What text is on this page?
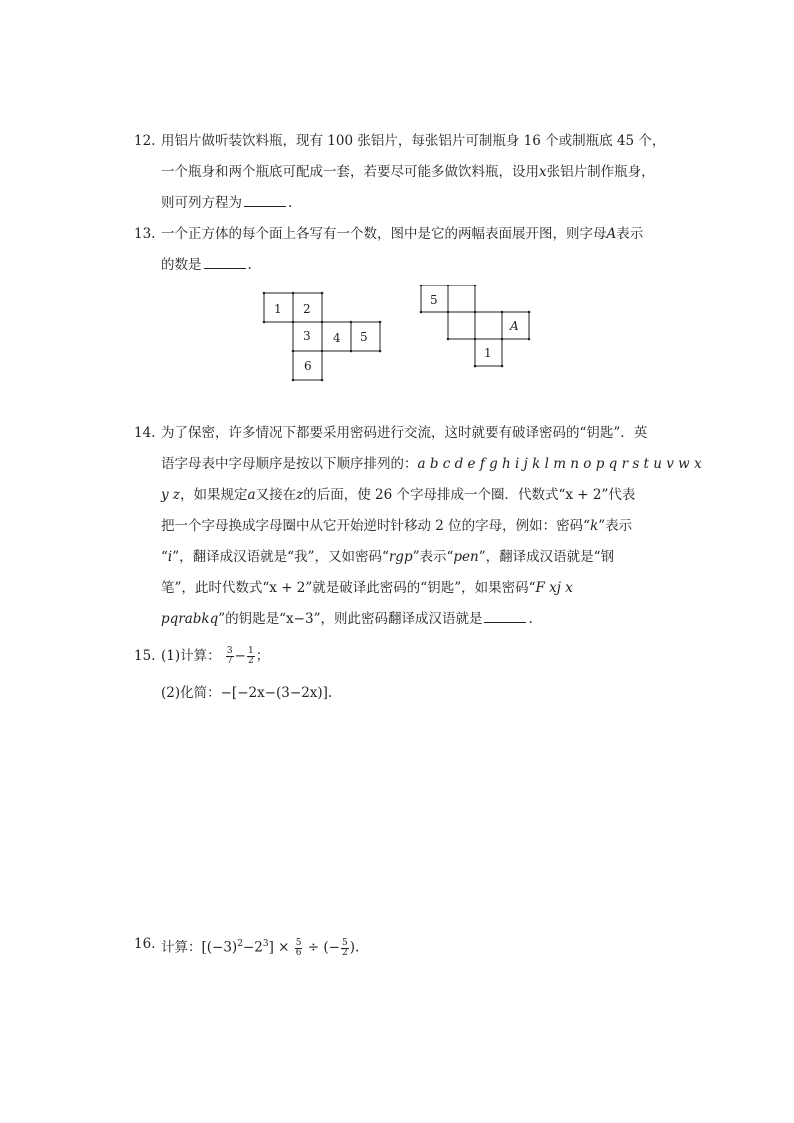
12. 用铝片做听装饮料瓶，现有 100 张铝片，每张铝片可制瓶身 16 个或制瓶底 45 个，
一个瓶身和两个瓶底可配成一套，若要尽可能多做饮料瓶，设用x张铝片制作瓶身，
则可列方程为	.
13. 一个正方体的每个面上各写有一个数，图中是它的两幅表面展开图，则字母A表示
的数是	.
1 2
3 4 5
6
5
A
1
14. 为了保密，许多情况下都要采用密码进行交流，这时就要有破译密码的“钥匙”．英
语字母表中字母顺序是按以下顺序排列的：a b c d e f g h i j k l m n o p q r s t u v w x
y z，如果规定a又接在z的后面，使 26 个字母排成一个圈．代数式“x + 2”代表
把一个字母换成字母圈中从它开始逆时针移动 2 位的字母，例如：密码“k”表示
“i”，翻译成汉语就是“我”，又如密码“rgp”表示“pen”，翻译成汉语就是“钢
笔”，此时代数式“x + 2”就是破译此密码的“钥匙”，如果密码“F xj x
pqrabkq”的钥匙是“x−3”，则此密码翻译成汉语就是	.
15. (1)计算： $\frac{3}{7} - \frac{1}{2}$ ；
(2)化简：−[−2x−(3−2x)].
16. 计算：$[(-3)^2-2^3] \times \frac{5}{6}$ ÷ (− $\frac{5}{2}$ ).
